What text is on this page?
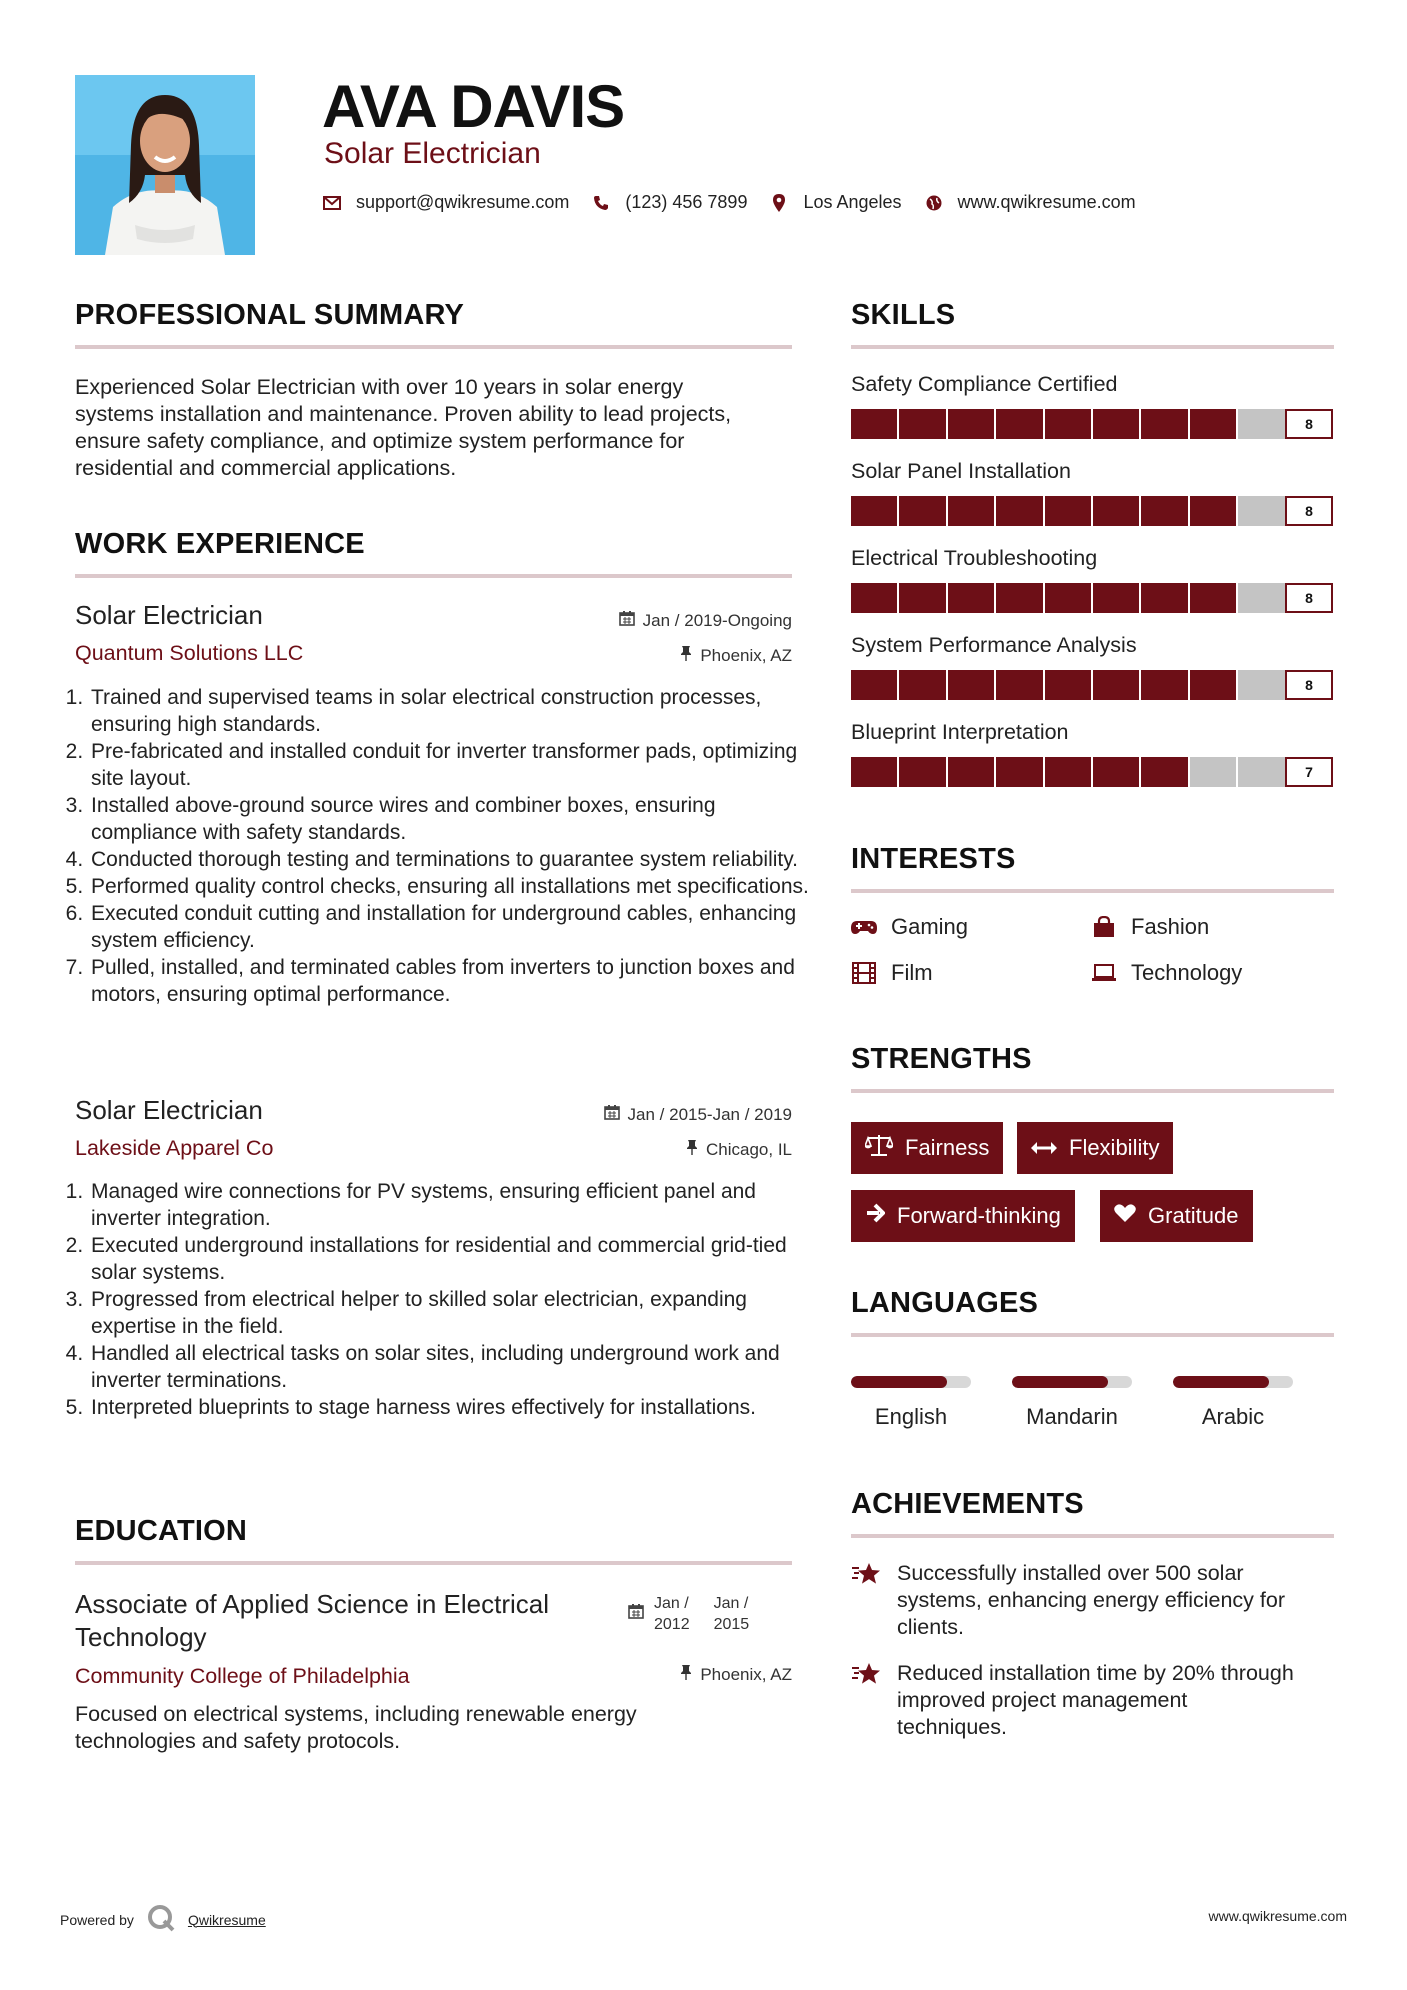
AVA DAVIS
Solar Electrician
support@qwikresume.com	(123) 456 7899	Los Angeles	www.qwikresume.com
PROFESSIONAL SUMMARY
Experienced Solar Electrician with over 10 years in solar energy
systems installation and maintenance. Proven ability to lead projects,
ensure safety compliance, and optimize system performance for
residential and commercial applications.
WORK EXPERIENCE
Solar Electrician	Jan / 2019-Ongoing
Quantum Solutions LLC	Phoenix, AZ
1. Trained and supervised teams in solar electrical construction processes, ensuring high standards.
2. Pre-fabricated and installed conduit for inverter transformer pads, optimizing site layout.
3. Installed above-ground source wires and combiner boxes, ensuring compliance with safety standards.
4. Conducted thorough testing and terminations to guarantee system reliability.
5. Performed quality control checks, ensuring all installations met specifications.
6. Executed conduit cutting and installation for underground cables, enhancing system efficiency.
7. Pulled, installed, and terminated cables from inverters to junction boxes and motors, ensuring optimal performance.
Solar Electrician	Jan / 2015-Jan / 2019
Lakeside Apparel Co	Chicago, IL
1. Managed wire connections for PV systems, ensuring efficient panel and inverter integration.
2. Executed underground installations for residential and commercial grid-tied solar systems.
3. Progressed from electrical helper to skilled solar electrician, expanding expertise in the field.
4. Handled all electrical tasks on solar sites, including underground work and inverter terminations.
5. Interpreted blueprints to stage harness wires effectively for installations.
EDUCATION
Associate of Applied Science in Electrical
Technology
Jan /
2012
Jan /
2015
Community College of Philadelphia	Phoenix, AZ
Focused on electrical systems, including renewable energy
technologies and safety protocols.
SKILLS
Safety Compliance Certified
8
Solar Panel Installation
8
Electrical Troubleshooting
8
System Performance Analysis
8
Blueprint Interpretation
7
INTERESTS
Gaming	Fashion
Film	Technology
STRENGTHS
Fairness	Flexibility
Forward-thinking	Gratitude
LANGUAGES
English	Mandarin	Arabic
ACHIEVEMENTS
Successfully installed over 500 solar
systems, enhancing energy efficiency for
clients.
Reduced installation time by 20% through
improved project management
techniques.
Powered by	Qwikresume	www.qwikresume.com
